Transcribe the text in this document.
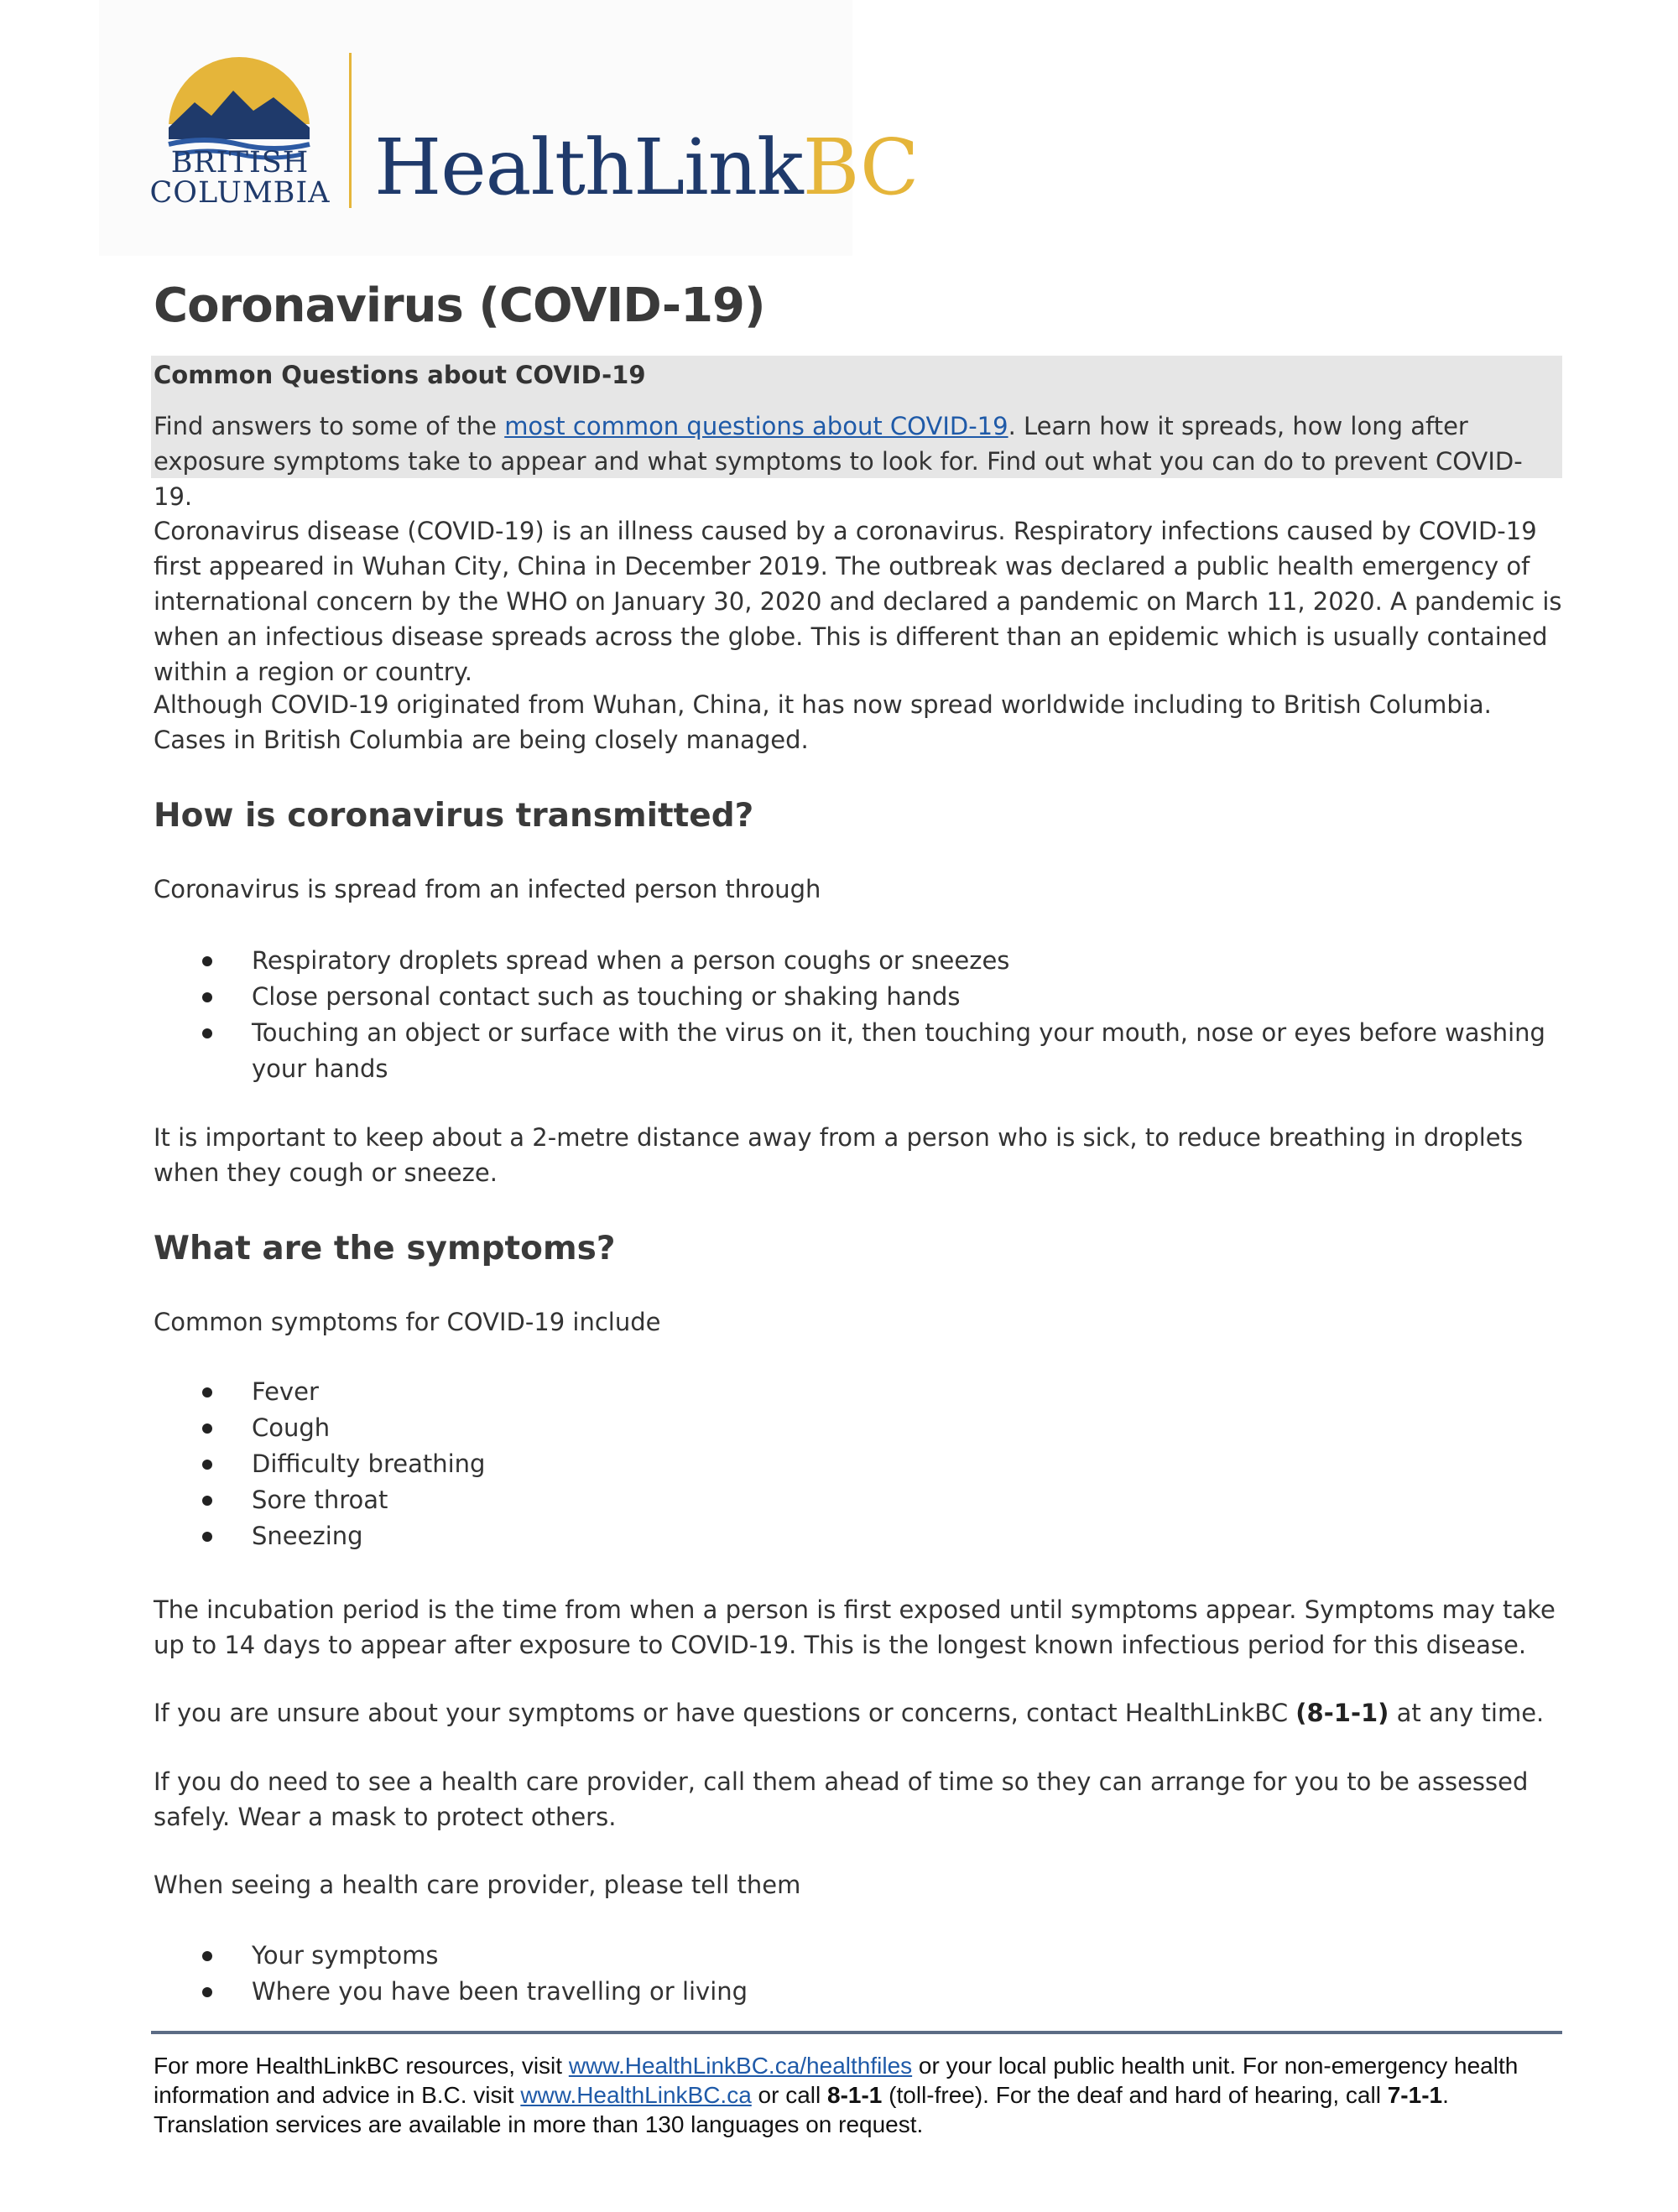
BRITISH
COLUMBIA HealthLinkBC
Coronavirus (COVID-19)
Common Questions about COVID-19
Find answers to some of the most common questions about COVID-19. Learn how it spreads, how long after exposure symptoms take to appear and what symptoms to look for. Find out what you can do to prevent COVID-19.

Coronavirus disease (COVID-19) is an illness caused by a coronavirus. Respiratory infections caused by COVID-19 first appeared in Wuhan City, China in December 2019. The outbreak was declared a public health emergency of international concern by the WHO on January 30, 2020 and declared a pandemic on March 11, 2020. A pandemic is when an infectious disease spreads across the globe. This is different than an epidemic which is usually contained within a region or country.

Although COVID-19 originated from Wuhan, China, it has now spread worldwide including to British Columbia. Cases in British Columbia are being closely managed.

How is coronavirus transmitted?

Coronavirus is spread from an infected person through

Respiratory droplets spread when a person coughs or sneezes
Close personal contact such as touching or shaking hands
Touching an object or surface with the virus on it, then touching your mouth, nose or eyes before washing your hands

It is important to keep about a 2-metre distance away from a person who is sick, to reduce breathing in droplets when they cough or sneeze.

What are the symptoms?

Common symptoms for COVID-19 include

Fever
Cough
Difficulty breathing
Sore throat
Sneezing

The incubation period is the time from when a person is first exposed until symptoms appear. Symptoms may take up to 14 days to appear after exposure to COVID-19. This is the longest known infectious period for this disease.

If you are unsure about your symptoms or have questions or concerns, contact HealthLinkBC (8-1-1) at any time.

If you do need to see a health care provider, call them ahead of time so they can arrange for you to be assessed safely. Wear a mask to protect others.

When seeing a health care provider, please tell them

Your symptoms
Where you have been travelling or living
For more HealthLinkBC resources, visit www.HealthLinkBC.ca/healthfiles or your local public health unit. For non-emergency health information and advice in B.C. visit www.HealthLinkBC.ca or call 8-1-1 (toll-free). For the deaf and hard of hearing, call 7-1-1. Translation services are available in more than 130 languages on request.
